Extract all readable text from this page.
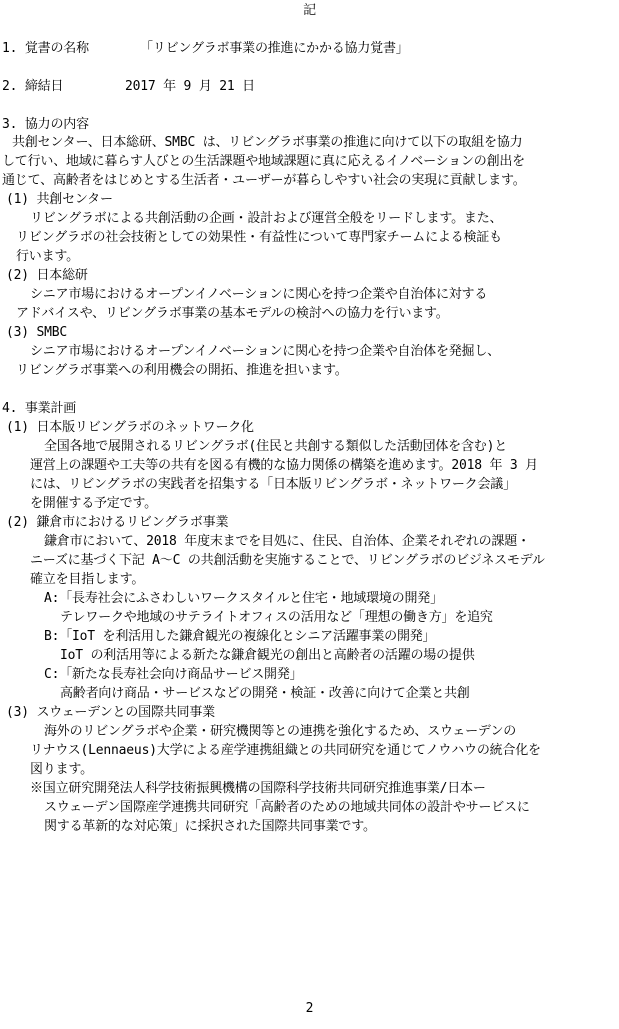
記
1. 覚書の名称	「リビングラボ事業の推進にかかる協力覚書」
2. 締結日	2017 年 9 月 21 日
3. 協力の内容
共創センター、日本総研、SMBC は、リビングラボ事業の推進に向けて以下の取組を協力
して行い、地域に暮らす人びとの生活課題や地域課題に真に応えるイノベーションの創出を
通じて、高齢者をはじめとする生活者・ユーザーが暮らしやすい社会の実現に貢献します。
(1) 共創センター
リビングラボによる共創活動の企画・設計および運営全般をリードします。また、
リビングラボの社会技術としての効果性・有益性について専門家チームによる検証も
行います。
(2) 日本総研
シニア市場におけるオープンイノベーションに関心を持つ企業や自治体に対する
アドバイスや、リビングラボ事業の基本モデルの検討への協力を行います。
(3) SMBC
シニア市場におけるオープンイノベーションに関心を持つ企業や自治体を発掘し、
リビングラボ事業への利用機会の開拓、推進を担います。
4. 事業計画
(1) 日本版リビングラボのネットワーク化
全国各地で展開されるリビングラボ(住民と共創する類似した活動団体を含む)と
運営上の課題や工夫等の共有を図る有機的な協力関係の構築を進めます。2018 年 3 月
には、リビングラボの実践者を招集する「日本版リビングラボ・ネットワーク会議」
を開催する予定です。
(2) 鎌倉市におけるリビングラボ事業
鎌倉市において、2018 年度末までを目処に、住民、自治体、企業それぞれの課題・
ニーズに基づく下記 A～C の共創活動を実施することで、リビングラボのビジネスモデル
確立を目指します。
A:「長寿社会にふさわしいワークスタイルと住宅・地域環境の開発」
テレワークや地域のサテライトオフィスの活用など「理想の働き方」を追究
B:「IoT を利活用した鎌倉観光の複線化とシニア活躍事業の開発」
IoT の利活用等による新たな鎌倉観光の創出と高齢者の活躍の場の提供
C:「新たな長寿社会向け商品サービス開発」
高齢者向け商品・サービスなどの開発・検証・改善に向けて企業と共創
(3) スウェーデンとの国際共同事業
海外のリビングラボや企業・研究機関等との連携を強化するため、スウェーデンの
リナウス(Lennaeus)大学による産学連携組織との共同研究を通じてノウハウの統合化を
図ります。
※国立研究開発法人科学技術振興機構の国際科学技術共同研究推進事業/日本ー
スウェーデン国際産学連携共同研究「高齢者のための地域共同体の設計やサービスに
関する革新的な対応策」に採択された国際共同事業です。
2
